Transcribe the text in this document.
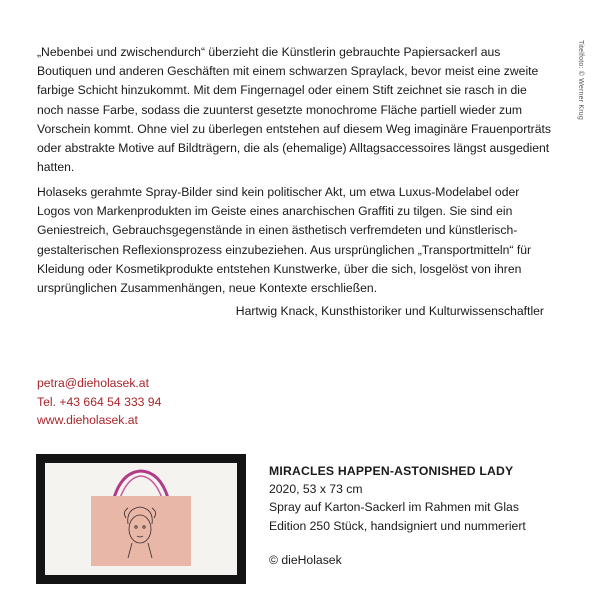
Titelfoto: © Werner Krug

„Nebenbei und zwischendurch“ überzieht die Künstlerin gebrauchte Papiersackerl aus Boutiquen und anderen Geschäften mit einem schwarzen Spraylack, bevor meist eine zweite farbige Schicht hinzukommt. Mit dem Fingernagel oder einem Stift zeichnet sie rasch in die noch nasse Farbe, sodass die zuunterst gesetzte monochrome Fläche partiell wieder zum Vorschein kommt. Ohne viel zu überlegen entstehen auf diesem Weg imaginäre Frauenporträts oder abstrakte Motive auf Bildträgern, die als (ehemalige) Alltagsaccessoires längst ausgedient hatten.

Holaseks gerahmte Spray-Bilder sind kein politischer Akt, um etwa Luxus-Modelabel oder Logos von Markenprodukten im Geiste eines anarchischen Graffiti zu tilgen. Sie sind ein Geniestreich, Gebrauchsgegenstände in einen ästhetisch verfremdeten und künstlerisch-gestalterischen Reflexionsprozess einzubeziehen. Aus ursprünglichen „Transportmitteln“ für Kleidung oder Kosmetikprodukte entstehen Kunstwerke, über die sich, losgelöst von ihren ursprünglichen Zusammenhängen, neue Kontexte erschließen.

Hartwig Knack, Kunsthistoriker und Kulturwissenschaftler

petra@dieholasek.at
Tel. +43 664 54 333 94
www.dieholasek.at
MIRACLES HAPPEN-ASTONISHED LADY
2020, 53 x 73 cm
Spray auf Karton-Sackerl im Rahmen mit Glas
Edition 250 Stück, handsigniert und nummeriert
© dieHolasek
